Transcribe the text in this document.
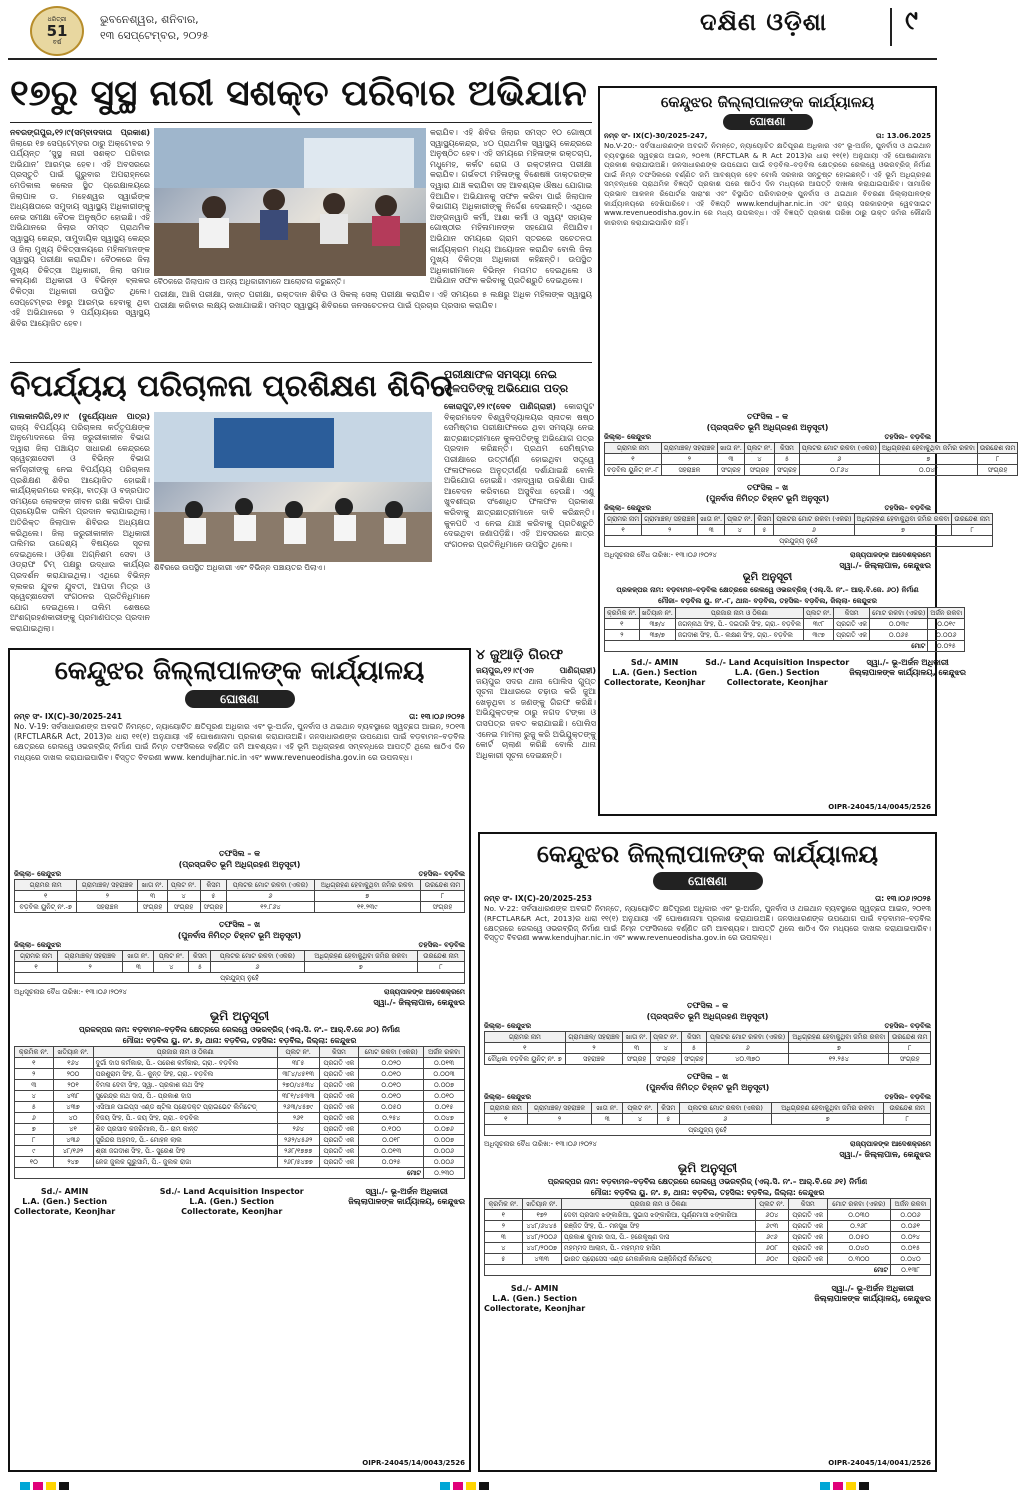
ଧରିତ୍ରୀ
51
ବର୍ଷ
ଭୁବନେଶ୍ୱର, ଶନିବାର,
୧୩ ସେପ୍ଟେମ୍ବର, ୨୦୨୫	ଦକ୍ଷିଣ ଓଡ଼ିଶା	୯
୧୭ରୁ ସୁସ୍ଥ ନାରୀ ସଶକ୍ତ ପରିବାର ଅଭିଯାନ
ନବରଙ୍ଗପୁର,୧୨।୯(ସମ୍ବାଦଦାତା ପ୍ରକାଶ) ଜିଲାରେ ୧୭ ସେପ୍ଟେମ୍ବର ଠାରୁ ଅକ୍ଟୋବର ୨ ପର୍ଯ୍ୟନ୍ତ ‘ସୁସ୍ଥ ନାରୀ ସଶକ୍ତ ପରିବାର ଅଭିଯାନ’ ଆରମ୍ଭ ହେବ। ଏହି ଅବସରରେ ପ୍ରସ୍ତୁତି ପାଇଁ ଗୁରୁବାର ଅପରାହ୍ନରେ ମେଡିକାଲ କଲେଜ ସ୍ଥିତ ପ୍ରେକ୍ଷାଳୟରେ ଜିଲାପାଳ ଡ. ମହେଶ୍ୱର ସ୍ୱାଇଁଙ୍କ ଅଧ୍ୟକ୍ଷତାରେ ସମୁଦାୟ ସ୍ୱାସ୍ଥ୍ୟ ଅଧିକାରୀଙ୍କୁ ନେଇ ସମୀକ୍ଷା ବୈଠକ ଅନୁଷ୍ଠିତ ହୋଇଛି। ଏହି ଅଭିଯାନରେ ଜିଲାର ସମସ୍ତ ପ୍ରାଥମିକ ସ୍ୱାସ୍ଥ୍ୟ କେନ୍ଦ୍ର, ସାମୁଦାୟିକ ସ୍ୱାସ୍ଥ୍ୟ କେନ୍ଦ୍ର ଓ ଜିଲା ମୁଖ୍ୟ ଚିକିତ୍ସାଳୟରେ ମହିଳାମାନଙ୍କ ସ୍ୱାସ୍ଥ୍ୟ ପରୀକ୍ଷା କରାଯିବ। ବୈଠକରେ ଜିଲା ମୁଖ୍ୟ ଚିକିତ୍ସା ଅଧିକାରୀ, ଜିଲା ସମାଜ କଲ୍ୟାଣ ଅଧିକାରୀ ଓ ବିଭିନ୍ନ ବ୍ଲକର ଚିକିତ୍ସା ଅଧିକାରୀ ଉପସ୍ଥିତ ଥିଲେ। ସେପ୍ଟେମ୍ବର ୧୭ରୁ ଆରମ୍ଭ ହେବାକୁ ଥିବା ଏହି ଅଭିଯାନରେ ୨ ପର୍ଯ୍ୟାୟରେ ସ୍ୱାସ୍ଥ୍ୟ ଶିବିର ଆୟୋଜିତ ହେବ।
ବୈଠକରେ ଜିଲାପାଳ ଓ ଅନ୍ୟ ଅଧିକାରୀମାନେ ଆଲୋଚନା କରୁଛନ୍ତି।
କରାଯିବ। ଏହି ଶିବିର ଜିଲାର ସମସ୍ତ ୧୦ ଗୋଷ୍ଠୀ ସ୍ୱାସ୍ଥ୍ୟକେନ୍ଦ୍ର, ୪୦ ପ୍ରାଥମିକ ସ୍ୱାସ୍ଥ୍ୟ କେନ୍ଦ୍ରରେ ଅନୁଷ୍ଠିତ ହେବ। ଏହି ସମୟରେ ମହିଳାଙ୍କ ରକ୍ତଚାପ, ମଧୁମେହ, କର୍କଟ ରୋଗ ଓ ରକ୍ତହୀନତା ପରୀକ୍ଷା କରାଯିବ। ଗର୍ଭବତୀ ମହିଳାଙ୍କୁ ବିଶେଷଜ୍ଞ ଡାକ୍ତରଙ୍କ ଦ୍ୱାରା ଯାଞ୍ଚ କରାଯିବା ସହ ଆବଶ୍ୟକ ଔଷଧ ଯୋଗାଇ ଦିଆଯିବ। ଅଭିଯାନକୁ ସଫଳ କରିବା ପାଇଁ ଜିଲାପାଳ ବିଭାଗୀୟ ଅଧିକାରୀଙ୍କୁ ନିର୍ଦ୍ଦେଶ ଦେଇଛନ୍ତି। ଏଥିରେ ଅଙ୍ଗନୱାଡି କର୍ମୀ, ଆଶା କର୍ମୀ ଓ ସ୍ୱୟଂ ସହାୟକ ଗୋଷ୍ଠୀର ମହିଳାମାନଙ୍କ ସହଯୋଗ ନିଆଯିବ। ଅଭିଯାନ ସମୟରେ ଗ୍ରାମ ସ୍ତରରେ ସଚେତନତା କାର୍ଯ୍ୟକ୍ରମ ମଧ୍ୟ ଆୟୋଜନ କରାଯିବ ବୋଲି ଜିଲା ମୁଖ୍ୟ ଚିକିତ୍ସା ଅଧିକାରୀ କହିଛନ୍ତି। ଉପସ୍ଥିତ ଅଧିକାରୀମାନେ ବିଭିନ୍ନ ମତାମତ ଦେଇଥିଲେ ଓ ଅଭିଯାନ ସଫଳ କରିବାକୁ ପ୍ରତିଶ୍ରୁତି ଦେଇଥିଲେ।
ପରୀକ୍ଷା, ଆଖି ପରୀକ୍ଷା, ଦାନ୍ତ ପରୀକ୍ଷା, ରକ୍ତଦାନ ଶିବିର ଓ ସିକଲ୍ ସେଲ୍ ପରୀକ୍ଷା କରାଯିବ। ଏହି ସମୟରେ ୫ ଲକ୍ଷରୁ ଅଧିକ ମହିଳାଙ୍କ ସ୍ୱାସ୍ଥ୍ୟ ପରୀକ୍ଷା କରିବାର ଲକ୍ଷ୍ୟ ରଖାଯାଇଛି। ସମସ୍ତ ସ୍ୱାସ୍ଥ୍ୟ ଶିବିରରେ ଜନସଚେତନତା ପାଇଁ ପ୍ରଚାର ପ୍ରସାର କରାଯିବ।
ବିପର୍ଯ୍ୟୟ ପରିଚାଳନା ପ୍ରଶିକ୍ଷଣ ଶିବିର
ମାଲକାନଗିରି,୧୨।୯ (ଦୁର୍ଯ୍ୟୋଧନ ପାତ୍ର) ରାଜ୍ୟ ବିପର୍ଯ୍ୟୟ ପରିଚାଳନା କର୍ତ୍ତୃପକ୍ଷଙ୍କ ଅନୁମୋଦନରେ ଜିଲା ଜରୁରୀକାଳୀନ ବିଭାଗ ଦ୍ୱାରା ଜିଲା ପଞ୍ଚାୟତ ସାଧାରଣ କେନ୍ଦ୍ରରେ ସ୍ୱେଚ୍ଛାସେବୀ ଓ ବିଭିନ୍ନ ବିଭାଗ କର୍ମଚାରୀଙ୍କୁ ନେଇ ବିପର୍ଯ୍ୟୟ ପରିଚାଳନା ପ୍ରଶିକ୍ଷଣ ଶିବିର ଆୟୋଜିତ ହୋଇଛି। କାର୍ଯ୍ୟକ୍ରମରେ ବନ୍ୟା, ବାତ୍ୟା ଓ ବଜ୍ରପାତ ସମୟରେ ଲୋକଙ୍କ ଜୀବନ ରକ୍ଷା କରିବା ପାଇଁ ପ୍ରାୟୋଗିକ ତାଲିମ ପ୍ରଦାନ କରାଯାଇଥିଲା। ଅତିରିକ୍ତ ଜିଲାପାଳ ଶିବିରର ଅଧ୍ୟକ୍ଷତା କରିଥିଲେ। ଜିଲା ଜରୁରୀକାଳୀନ ଅଧିକାରୀ ତାଲିମର ଉଦ୍ଦେଶ୍ୟ ବିଷୟରେ ସୂଚନା ଦେଇଥିଲେ। ଓଡ଼ିଶା ଅଗ୍ନିଶମ ସେବା ଓ ଓଡ୍ରାଫ ଟିମ୍ ପକ୍ଷରୁ ଉଦ୍ଧାର କାର୍ଯ୍ୟର ପ୍ରଦର୍ଶନ କରାଯାଇଥିଲା। ଏଥିରେ ବିଭିନ୍ନ ବ୍ଲକର ଯୁବକ ଯୁବତୀ, ଆପଦା ମିତ୍ର ଓ ସ୍ୱେଚ୍ଛାସେବୀ ସଂଗଠନର ପ୍ରତିନିଧିମାନେ ଯୋଗ ଦେଇଥିଲେ। ତାଲିମ ଶେଷରେ ଅଂଶଗ୍ରହଣକାରୀଙ୍କୁ ପ୍ରମାଣପତ୍ର ପ୍ରଦାନ କରାଯାଇଥିଲା।
ଶିବିରରେ ଉପସ୍ଥିତ ଅଧିକାରୀ ଏବଂ ବିଭିନ୍ନ ପଞ୍ଚାୟତର ପିଲାଏ।
ପରୀକ୍ଷାଫଳ ସମସ୍ୟା ନେଇ କୁଳପତିଙ୍କୁ ଅଭିଯୋଗ ପତ୍ର
କୋରାପୁଟ,୧୨।୯(ଦେବ ପାଣିଗ୍ରାହୀ) କୋରାପୁଟ ବିକ୍ରମଦେବ ବିଶ୍ୱବିଦ୍ୟାଳୟର ସ୍ନାତକ ଷଷ୍ଠ ସେମିଷ୍ଟାର ପରୀକ୍ଷାଫଳରେ ଥିବା ସମସ୍ୟା ନେଇ ଛାତ୍ରଛାତ୍ରୀମାନେ କୁଳପତିଙ୍କୁ ଅଭିଯୋଗ ପତ୍ର ପ୍ରଦାନ କରିଛନ୍ତି। ପ୍ରଥମ ସେମିଷ୍ଟାର ପରୀକ୍ଷାରେ ଉତ୍ତୀର୍ଣ୍ଣ ହୋଇଥିବା ସତ୍ତ୍ୱେ ଫଳାଫଳରେ ଅନୁତ୍ତୀର୍ଣ୍ଣ ଦର୍ଶାଯାଇଛି ବୋଲି ଅଭିଯୋଗ ହୋଇଛି। ଏହାଦ୍ୱାରା ଉଚ୍ଚଶିକ୍ଷା ପାଇଁ ଆବେଦନ କରିବାରେ ଅସୁବିଧା ହେଉଛି। ଏଣୁ ଖୁବଶୀଘ୍ର ସଂଶୋଧିତ ଫଳାଫଳ ପ୍ରକାଶ କରିବାକୁ ଛାତ୍ରଛାତ୍ରୀମାନେ ଦାବି କରିଛନ୍ତି। କୁଳପତି ଏ ନେଇ ଯାଞ୍ଚ କରିବାକୁ ପ୍ରତିଶ୍ରୁତି ଦେଇଥିବା ଜଣାପଡ଼ିଛି। ଏହି ଅବସରରେ ଛାତ୍ର ସଂଗଠନର ପ୍ରତିନିଧିମାନେ ଉପସ୍ଥିତ ଥିଲେ।
୪ ଜୁଆଡ଼ି ଗିରଫ
ଜୟପୁର,୧୨।୯(ଏନ ପାଣିଗ୍ରାହୀ) ଜୟପୁର ସଦର ଥାନା ପୋଲିସ ଗୁପ୍ତ ସୂଚନା ଆଧାରରେ ଚଢ଼ାଉ କରି ଜୁଆ ଖେଳୁଥିବା ୪ ଜଣଙ୍କୁ ଗିରଫ କରିଛି। ଅଭିଯୁକ୍ତଙ୍କ ଠାରୁ ନଗଦ ଟଙ୍କା ଓ ତାସପତ୍ର ଜବତ କରାଯାଇଛି। ପୋଲିସ ଏନେଇ ମାମଲା ରୁଜୁ କରି ଅଭିଯୁକ୍ତଙ୍କୁ କୋର୍ଟ ଚାଲାଣ କରିଛି ବୋଲି ଥାନା ଅଧିକାରୀ ସୂଚନା ଦେଇଛନ୍ତି।
କେନ୍ଦୁଝର ଜିଲ୍ଲାପାଳଙ୍କ କାର୍ଯ୍ୟାଳୟ
ଘୋଷଣା
ନମ୍ବ ସଂ- IX(C)-30/2025-247,	ତା: 13.06.2025
No.V-20:- ସର୍ବସାଧାରଣଙ୍କ ଅବଗତି ନିମନ୍ତେ, ନ୍ୟାୟୋଚିତ କ୍ଷତିପୂରଣ ଅଧିକାର ଏବଂ ଭୂ-ଅର୍ଜନ, ପୁନର୍ବାସ ଓ ଥଇଥାନ ବ୍ୟବସ୍ଥାରେ ସ୍ୱଚ୍ଛତା ଆଇନ, ୨୦୧୩ (RFCTLAR & R Act 2013)ର ଧାରା ୧୧(୧) ଅନୁଯାୟୀ ଏହି ଘୋଷଣାନାମା ପ୍ରକାଶ କରାଯାଉଅଛି। ଜନସାଧାରଣଙ୍କ ଉପଯୋଗ ପାଇଁ ବଡ଼ବିଲ–ବଡ଼ବିଲ କ୍ଷେତ୍ରରେ ରେଲୱେ ଓଭରବ୍ରିଜ୍ ନିର୍ମାଣ ପାଇଁ ନିମ୍ନ ତଫସିଲରେ ବର୍ଣ୍ଣିତ ଜମି ଆବଶ୍ୟକ ହେବ ବୋଲି ସରକାର ସନ୍ତୁଷ୍ଟ ହୋଇଛନ୍ତି। ଏହି ଭୂମି ଅଧିଗ୍ରହଣ ସମ୍ବନ୍ଧରେ ପ୍ରାଥମିକ ବିଜ୍ଞପ୍ତି ପ୍ରକାଶ ପରେ ଷାଠିଏ ଦିନ ମଧ୍ୟରେ ଆପତ୍ତି ଦାଖଲ କରାଯାଇପାରିବ। ସାମାଜିକ ପ୍ରଭାବ ଆକଳନ ରିପୋର୍ଟର ସାରାଂଶ ଏବଂ ବିସ୍ଥାପିତ ପରିବାରଙ୍କ ପୁନର୍ବାସ ଓ ଥଇଥାନ ବିବରଣୀ ଜିଲ୍ଲାପାଳଙ୍କ କାର୍ଯ୍ୟାଳୟରେ ଦେଖିପାରିବେ। ଏହି ବିଜ୍ଞପ୍ତି www.kendujhar.nic.in ଏବଂ ରାଜ୍ୟ ସରକାରଙ୍କ ୱେବସାଇଟ www.revenueodisha.gov.in ରେ ମଧ୍ୟ ଉପଲବ୍ଧ। ଏହି ବିଜ୍ଞପ୍ତି ପ୍ରକାଶ ତାରିଖ ଠାରୁ ଉକ୍ତ ଜମିର କୌଣସି କାରବାର କରାଯାଇପାରିବ ନାହିଁ।
ତଫସିଲ – କ
(ପ୍ରସ୍ତାବିତ ଭୂମି ଅଧିଗ୍ରହଣ ଅନୁସୂଚୀ)
ଜିଲ୍ଲା– କେନ୍ଦୁଝର	ତହସିଲ– ବଡ଼ବିଲ
ଗ୍ରାମର ନାମ	ଗ୍ରାମାଞ୍ଚଳ/ ସହରାଞ୍ଚଳ	ଖାତା ନଂ.	ପ୍ଲଟ ନଂ.	କିସମ	ପ୍ଲଟର ମୋଟ ରକବା (ଏକର)	ଅଧିଗ୍ରହଣ ହେବାକୁଥିବା ଜମିର ରକବା	ଉରନ୍ଦେଶ ନାମ
୧	୨	୩	୪	୫	୬	୭	୮
ବଡ଼ବିଲ ୟୁନିଟ୍ ନଂ.-୮	ସହରାଞ୍ଚଳ	ସଂଗ୍ରହ	ସଂଗ୍ରହ	ସଂଗ୍ରହ	୦.୮୬୪	୦.୦୪୮	ସଂଗ୍ରହ
ତଫସିଲ – ଖ
(ପୁନର୍ବାସ ନିମିତ୍ତ ଚିହ୍ନଟ ଭୂମି ଅନୁସୂଚୀ)
ଜିଲ୍ଲା– କେନ୍ଦୁଝର	ତହସିଲ– ବଡ଼ବିଲ
ଗ୍ରାମର ନାମ	ଗ୍ରାମାଞ୍ଚଳ/ ସହରାଞ୍ଚଳ	ଖାତା ନଂ.	ପ୍ଲଟ ନଂ.	କିସମ	ପ୍ଲଟର ମୋଟ ରକବା (ଏକର)	ଅଧିଗ୍ରହଣ ହେବାକୁଥିବା ଜମିର ରକବା	ଉରନ୍ଦେଶ ନାମ
୧	୨	୩	୪	୫	୬	୭	୮
ପ୍ରଯୁଜ୍ୟ ନୁହେଁ							
ଅଧିସୂଚନାର ବୈଧ ତାରିଖ:- ୧୩।୦୬।୨୦୨୪	ରାଜ୍ୟପାଳଙ୍କ ଆଦେଶକ୍ରମେ
ସ୍ୱା./- ଜିଲ୍ଲାପାଳ, କେନ୍ଦୁଝର
ଭୂମି ଅନୁସୂଚୀ
ପ୍ରକଳ୍ପର ନାମ: ବଡ଼ବାମନ–ବଡ଼ବିଲ କ୍ଷେତ୍ରରେ ରେଲୱେ ଓଭରବ୍ରିଜ୍ (ଏଲ୍.ସି. ନଂ.– ଆର୍.ବି.ଜେ. ୬୦) ନିର୍ମାଣ
ମୌଜା– ବଡ଼ବିଲ ୟୁ. ନଂ.-୮, ଥାନା- ବଡ଼ବିଲ, ତହସିଲ- ବଡ଼ବିଲ, ଜିଲ୍ଲା- କେନ୍ଦୁଝର
କ୍ରମିକ ନଂ.	ଖତିୟାନ ନଂ.	ପ୍ରଜାର ନାମ ଓ ଠିକଣା	ପ୍ଲଟ ନଂ.	କିସମ	ମୋଟ ରକବା (ଏକର)	ଅର୍ଜନ ରକବା
୧	୩୭/୪	ଜଗନ୍ନାଥ ସିଂହ, ପି.- ଦଇତାରି ସିଂହ, ଗ୍ରା.- ବଡ଼ବିଲ	୩୯୮	ପ୍ରଗତି ଏକ	୦.୦୩୯	୦.୦୧୯
୨	୩୭/୭	ଜଗଦୀଶ ସିଂହ, ପି.- ଲକ୍ଷଣ ସିଂହ, ଗ୍ରା.- ବଡ଼ବିଲ	୩୯୭	ପ୍ରଗତି ଏକ	୦.୦୬୫	୦.୦୦୬
ମୋଟ						୦.୦୨୫
Sd./- AMIN
L.A. (Gen.) Section
Collectorate, Keonjhar
Sd./- Land Acquisition Inspector
L.A. (Gen.) Section
Collectorate, Keonjhar
ସ୍ୱା./- ଭୂ-ଅର୍ଜନ ଅଧିକାରୀ
ଜିଲ୍ଲାପାଳଙ୍କ କାର୍ଯ୍ୟାଳୟ, କେନ୍ଦୁଝର
OIPR-24045/14/0045/2526
କେନ୍ଦୁଝର ଜିଲ୍ଲାପାଳଙ୍କ କାର୍ଯ୍ୟାଳୟ
ଘୋଷଣା
ନମ୍ବ ସଂ- IX(C)-30/2025-241	ତା: ୧୩।୦୬।୨୦୨୫
No. V-19: ସର୍ବସାଧାରଣଙ୍କ ଅବଗତି ନିମନ୍ତେ, ନ୍ୟାୟୋଚିତ କ୍ଷତିପୂରଣ ଅଧିକାର ଏବଂ ଭୂ-ଅର୍ଜନ, ପୁନର୍ବାସ ଓ ଥଇଥାନ ବ୍ୟବସ୍ଥାରେ ସ୍ୱଚ୍ଛତା ଆଇନ, ୨୦୧୩ (RFCTLAR&R Act, 2013)ର ଧାରା ୧୧(୧) ଅନୁଯାୟୀ ଏହି ଘୋଷଣାନାମା ପ୍ରକାଶ କରାଯାଉଅଛି। ଜନସାଧାରଣଙ୍କ ଉପଯୋଗ ପାଇଁ ବଡ଼ବାମନ–ବଡ଼ବିଲ କ୍ଷେତ୍ରରେ ରେଲୱେ ଓଭରବ୍ରିଜ୍ ନିର୍ମାଣ ପାଇଁ ନିମ୍ନ ତଫସିଲରେ ବର୍ଣ୍ଣିତ ଜମି ଆବଶ୍ୟକ। ଏହି ଭୂମି ଅଧିଗ୍ରହଣ ସମ୍ବନ୍ଧରେ ଆପତ୍ତି ଥିଲେ ଷାଠିଏ ଦିନ ମଧ୍ୟରେ ଦାଖଲ କରାଯାଇପାରିବ। ବିସ୍ତୃତ ବିବରଣୀ www. kendujhar.nic.in ଏବଂ www.revenueodisha.gov.in ରେ ଉପଲବ୍ଧ।
ତଫସିଲ – କ
(ପ୍ରସ୍ତାବିତ ଭୂମି ଅଧିଗ୍ରହଣ ଅନୁସୂଚୀ)
ଜିଲ୍ଲା– କେନ୍ଦୁଝର	ତହସିଲ– ବଡ଼ବିଲ
ଗ୍ରାମର ନାମ	ଗ୍ରାମାଞ୍ଚଳ/ ସହରାଞ୍ଚଳ	ଖାତା ନଂ.	ପ୍ଲଟ ନଂ.	କିସମ	ପ୍ଲଟର ମୋଟ ରକବା (ଏକର)	ଅଧିଗ୍ରହଣ ହେବାକୁଥିବା ଜମିର ରକବା	ଉରନ୍ଦେଶ ନାମ
୧	୨	୩	୪	୫	୬	୭	୮
ବଡ଼ବିଲ ୟୁନିଟ୍ ନଂ.-୭	ସହରାଞ୍ଚଳ	ସଂଗ୍ରହ	ସଂଗ୍ରହ	ସଂଗ୍ରହ	୧୨.୮୬୪	୧୧.୨୩୯	ସଂଗ୍ରହ
ତଫସିଲ – ଖ
(ପୁନର୍ବାସ ନିମିତ୍ତ ଚିହ୍ନଟ ଭୂମି ଅନୁସୂଚୀ)
ଜିଲ୍ଲା– କେନ୍ଦୁଝର	ତହସିଲ– ବଡ଼ବିଲ
ଗ୍ରାମର ନାମ	ଗ୍ରାମାଞ୍ଚଳ/ ସହରାଞ୍ଚଳ	ଖାତା ନଂ.	ପ୍ଲଟ ନଂ.	କିସମ	ପ୍ଲଟର ମୋଟ ରକବା (ଏକର)	ଅଧିଗ୍ରହଣ ହେବାକୁଥିବା ଜମିର ରକବା	ଉରନ୍ଦେଶ ନାମ
୧	୨	୩	୪	୫	୬	୭	୮
ପ୍ରଯୁଜ୍ୟ ନୁହେଁ							
ଅଧିସୂଚନାର ବୈଧ ତାରିଖ:- ୧୩।୦୬।୨୦୨୪	ରାଜ୍ୟପାଳଙ୍କ ଆଦେଶକ୍ରମେ
ସ୍ୱା./- ଜିଲ୍ଲାପାଳ, କେନ୍ଦୁଝର
ଭୂମି ଅନୁସୂଚୀ
ପ୍ରକଳ୍ପର ନାମ: ବଡ଼ବାମନ–ବଡ଼ବିଲ କ୍ଷେତ୍ରରେ ରେଲୱେ ଓଭରବ୍ରିଜ୍ (ଏଲ୍.ସି. ନଂ.– ଆର୍.ବି.ଜେ ୬୦) ନିର୍ମାଣ
ମୌଜା: ବଡ଼ବିଲ ୟୁ. ନଂ. ୭, ଥାନା: ବଡ଼ବିଲ, ତହସିଲ: ବଡ଼ବିଲ, ଜିଲ୍ଲା: କେନ୍ଦୁଝର
କ୍ରମିକ ନଂ.	ଖତିୟାନ ନଂ.	ପ୍ରଜାର ନାମ ଓ ଠିକଣା	ପ୍ଲଟ ନଂ.	କିସମ	ମୋଟ ରକବା (ଏକର)	ଅର୍ଜନ ରକବା
୧	୧୬୪	ଦୁର୍ଗା ଦାସ କର୍ମକାର, ପି.- ପରେଶ କର୍ମକାର, ଗ୍ରା.- ବଡ଼ବିଲ	୩୮୫	ପ୍ରଗତି ଏକ	୦.୦୨୦	୦.୦୧୩
୨	୨୦୦	ପରଶୁରାମ ସିଂହ, ପି.- କୁନ୍ତ ସିଂହ, ଗ୍ରା.- ବଡ଼ବିଲ	୩୮୪/୪୫୧୩	ପ୍ରଗତି ଏକ	୦.୦୧୦	୦.୦୦୩
୩	୨୦୧	ବିମଳା ଦେବୀ ସିଂହ, ସ୍ୱା.- ପ୍ରକାଶ ନାଥ ସିଂହ	୨୭୦/୪୫୩୪	ପ୍ରଗତି ଏକ	୦.୦୧୦	୦.୦୦୭
୪	୪୩୮	ସୁରେନ୍ଦ୍ର ନାଥ ଦାସ, ପି.- ପ୍ରକାଶ ଦାସ	୩୮୧/୪୫୩୩	ପ୍ରଗତି ଏକ	୦.୦୧୦	୦.୦୧୦
୫	୪୩୭	ଏସିଆନ ପାଇପ୍ସ ଏଣ୍ଡ ଷ୍ଟିଲ ପ୍ରୋଡକ୍ଟ ପ୍ରାଇଭେଟ ଲିମିଟେଡ୍	୨୬୩/୪୫୭୯	ପ୍ରଗତି ଏକ	୦.୦୫୦	୦.୦୧୫
୬	୪୦	ବିଜୟ ସିଂହ, ପି.- ଜୟ ସିଂହ, ଗ୍ରା.- ବଡ଼ବିଲ	୨୬୧	ପ୍ରଗତି ଏକ	୦.୨୫୪	୦.୦୪୭
୭	୪୧	ଶିବ ପ୍ରସାଦ କଜରିମାଲ, ପି.- ରାମ କାନ୍ତ	୨୬୪	ପ୍ରଗତି ଏକ	୦.୧୦୦	୦.୦୭୬
୮	୪୩୬	ସୁରିନ୍ଦର ଅହମଦ, ପି.- ମୋହନ ଲାଲ	୨୬୨/୪୫୬୨	ପ୍ରଗତି ଏକ	୦.୦୧୮	୦.୦୦୭
୯	୪୮/୧୬୨	ଶ୍ରୀ ଜଗଦୀଶ ସିଂହ, ପି.- ସୁରେଶ ସିଂହ	୨୬୮/୧୭୭୭	ପ୍ରଗତି ଏକ	୦.୦୧୩	୦.୦୦୬
୧୦	୨୪୭	ନେଜ ଜୁଲକ ଗୁରୁସାମି, ପି.- ଜୁଲକ ରାଜା	୨୬୮/୫୪୭୭	ପ୍ରଗତି ଏକ	୦.୦୨୫	୦.୦୦୬
ମୋଟ						୦.୨୩୦
Sd./- AMIN
L.A. (Gen.) Section
Collectorate, Keonjhar
Sd./- Land Acquisition Inspector
L.A. (Gen.) Section
Collectorate, Keonjhar
ସ୍ୱା./- ଭୂ-ଅର୍ଜନ ଅଧିକାରୀ
ଜିଲ୍ଲାପାଳଙ୍କ କାର୍ଯ୍ୟାଳୟ, କେନ୍ଦୁଝର
OIPR-24045/14/0043/2526
କେନ୍ଦୁଝର ଜିଲ୍ଲାପାଳଙ୍କ କାର୍ଯ୍ୟାଳୟ
ଘୋଷଣା
ନମ୍ବ ସଂ- IX(C)-20/2025-253	ତା: ୧୩।୦୬।୨୦୨୫
No. V-22: ସର୍ବସାଧାରଣଙ୍କ ଅବଗତି ନିମନ୍ତେ, ନ୍ୟାୟୋଚିତ କ୍ଷତିପୂରଣ ଅଧିକାର ଏବଂ ଭୂ-ଅର୍ଜନ, ପୁନର୍ବାସ ଓ ଥଇଥାନ ବ୍ୟବସ୍ଥାରେ ସ୍ୱଚ୍ଛତା ଆଇନ, ୨୦୧୩ (RFCTLAR&R Act, 2013)ର ଧାରା ୧୧(୧) ଅନୁଯାୟୀ ଏହି ଘୋଷଣାନାମା ପ୍ରକାଶ କରାଯାଉଅଛି। ଜନସାଧାରଣଙ୍କ ଉପଯୋଗ ପାଇଁ ବଡ଼ବାମନ–ବଡ଼ବିଲ କ୍ଷେତ୍ରରେ ରେଲୱେ ଓଭରବ୍ରିଜ୍ ନିର୍ମାଣ ପାଇଁ ନିମ୍ନ ତଫସିଲରେ ବର୍ଣ୍ଣିତ ଜମି ଆବଶ୍ୟକ। ଆପତ୍ତି ଥିଲେ ଷାଠିଏ ଦିନ ମଧ୍ୟରେ ଦାଖଲ କରାଯାଇପାରିବ। ବିସ୍ତୃତ ବିବରଣୀ www.kendujhar.nic.in ଏବଂ www.revenueodisha.gov.in ରେ ଉପଲବ୍ଧ।
ତଫସିଲ – କ
(ପ୍ରସ୍ତାବିତ ଭୂମି ଅଧିଗ୍ରହଣ ଅନୁସୂଚୀ)
ଜିଲ୍ଲା– କେନ୍ଦୁଝର	ତହସିଲ– ବଡ଼ବିଲ
ଗ୍ରାମର ନାମ	ଗ୍ରାମାଞ୍ଚଳ/ ସହରାଞ୍ଚଳ	ଖାତା ନଂ.	ପ୍ଲଟ ନଂ.	କିସମ	ପ୍ଲଟର ମୋଟ ରକବା (ଏକର)	ଅଧିଗ୍ରହଣ ହେବାକୁଥିବା ଜମିର ରକବା	ଉରନ୍ଦେଶ ନାମ
୧	୨	୩	୪	୫	୬	୭	୮
ବୌଧିକା ବଡ଼ବିଲ ୟୁନିଟ୍ ନଂ. ୭	ସହରାଞ୍ଚଳ	ସଂଗ୍ରହ	ସଂଗ୍ରହ	ସଂଗ୍ରହ	୪୦.୩୭୦	୧୨.୨୫୪	ସଂଗ୍ରହ
ତଫସିଲ – ଖ
(ପୁନର୍ବାସ ନିମିତ୍ତ ଚିହ୍ନଟ ଭୂମି ଅନୁସୂଚୀ)
ଜିଲ୍ଲା– କେନ୍ଦୁଝର	ତହସିଲ– ବଡ଼ବିଲ
ଗ୍ରାମର ନାମ	ଗ୍ରାମାଞ୍ଚଳ/ ସହରାଞ୍ଚଳ	ଖାତା ନଂ.	ପ୍ଲଟ ନଂ.	କିସମ	ପ୍ଲଟର ମୋଟ ରକବା (ଏକର)	ଅଧିଗ୍ରହଣ ହେବାକୁଥିବା ଜମିର ରକବା	ଉରନ୍ଦେଶ ନାମ
୧	୨	୩	୪	୫	୬	୭	୮
ପ୍ରଯୁଜ୍ୟ ନୁହେଁ							
ଅଧିସୂଚନାର ବୈଧ ତାରିଖ:- ୧୩।୦୬।୨୦୨୪	ରାଜ୍ୟପାଳଙ୍କ ଆଦେଶକ୍ରମେ
ସ୍ୱା./- ଜିଲ୍ଲାପାଳ, କେନ୍ଦୁଝର
ଭୂମି ଅନୁସୂଚୀ
ପ୍ରକଳ୍ପର ନାମ: ବଡ଼ବାମନ–ବଡ଼ବିଲ କ୍ଷେତ୍ରରେ ରେଲୱେ ଓଭରବ୍ରିଜ୍ (ଏଲ୍.ସି. ନଂ.– ଆର୍.ବି.ଜେ ୬୧) ନିର୍ମାଣ
ମୌଜା: ବଡ଼ବିଲ ୟୁ. ନଂ. ୭, ଥାନା: ବଡ଼ବିଲ, ତହସିଲ: ବଡ଼ବିଲ, ଜିଲ୍ଲା: କେନ୍ଦୁଝର
କ୍ରମିକ ନଂ.	ଖତିୟାନ ନଂ.	ପ୍ରଜାର ନାମ ଓ ଠିକଣା	ପ୍ଲଟ ନଂ.	କିସମ	ମୋଟ ରକବା (ଏକର)	ଅର୍ଜନ ରକବା
୧	୧୭୨	ଦେବୀ ପ୍ରସାଦ ଝଙ୍କାରିଆ, ସୁଭାସ ଝଙ୍କାରିଆ, ପୂର୍ଣ୍ଣମାସୀ ଝଙ୍କାରିଆ	୬୦୪	ପ୍ରଗତି ଏକ	୦.୦୩୦	୦.୦୦୬
୨	୪୪୮/୬୪୪୫	ରଞ୍ଜିତ ସିଂହ, ପି.- ମନସୁଖ ସିଂହ	୬୯୩	ପ୍ରଗତି ଏକ	୦.୨୬୮	୦.୦୬୧
୩	୪୪୮/୨୦୦୬	ପ୍ରକାଶ କୁମାର ଦାସ, ପି.- ହରେକୃଷ୍ଣ ଦାସ	୬୯୬	ପ୍ରଗତି ଏକ	୦.୦୫୦	୦.୦୨୪
୪	୪୪୮/୨୦୦୭	ମହମ୍ମଦ ଆଲାମ, ପି.- ମହମ୍ମଦ ହାସିମ	୬୦୮	ପ୍ରଗତି ଏକ	୦.୦୪୦	୦.୦୧୫
୫	୪୩୩	ଭାରତ ପ୍ରୋସେସ ଏଣ୍ଡ ମେକାନିକାଲ ଇଞ୍ଜିନିୟର୍ସ ଲିମିଟେଡ୍	୬୦୯	ପ୍ରଗତି ଏକ	୦.୩୦୦	୦.୦୪୦
ମୋଟ						୦.୧୩୮
Sd./- AMIN
L.A. (Gen.) Section
Collectorate, Keonjhar
ସ୍ୱା./- ଭୂ-ଅର୍ଜନ ଅଧିକାରୀ
ଜିଲ୍ଲାପାଳଙ୍କ କାର୍ଯ୍ୟାଳୟ, କେନ୍ଦୁଝର
OIPR-24045/14/0041/2526
